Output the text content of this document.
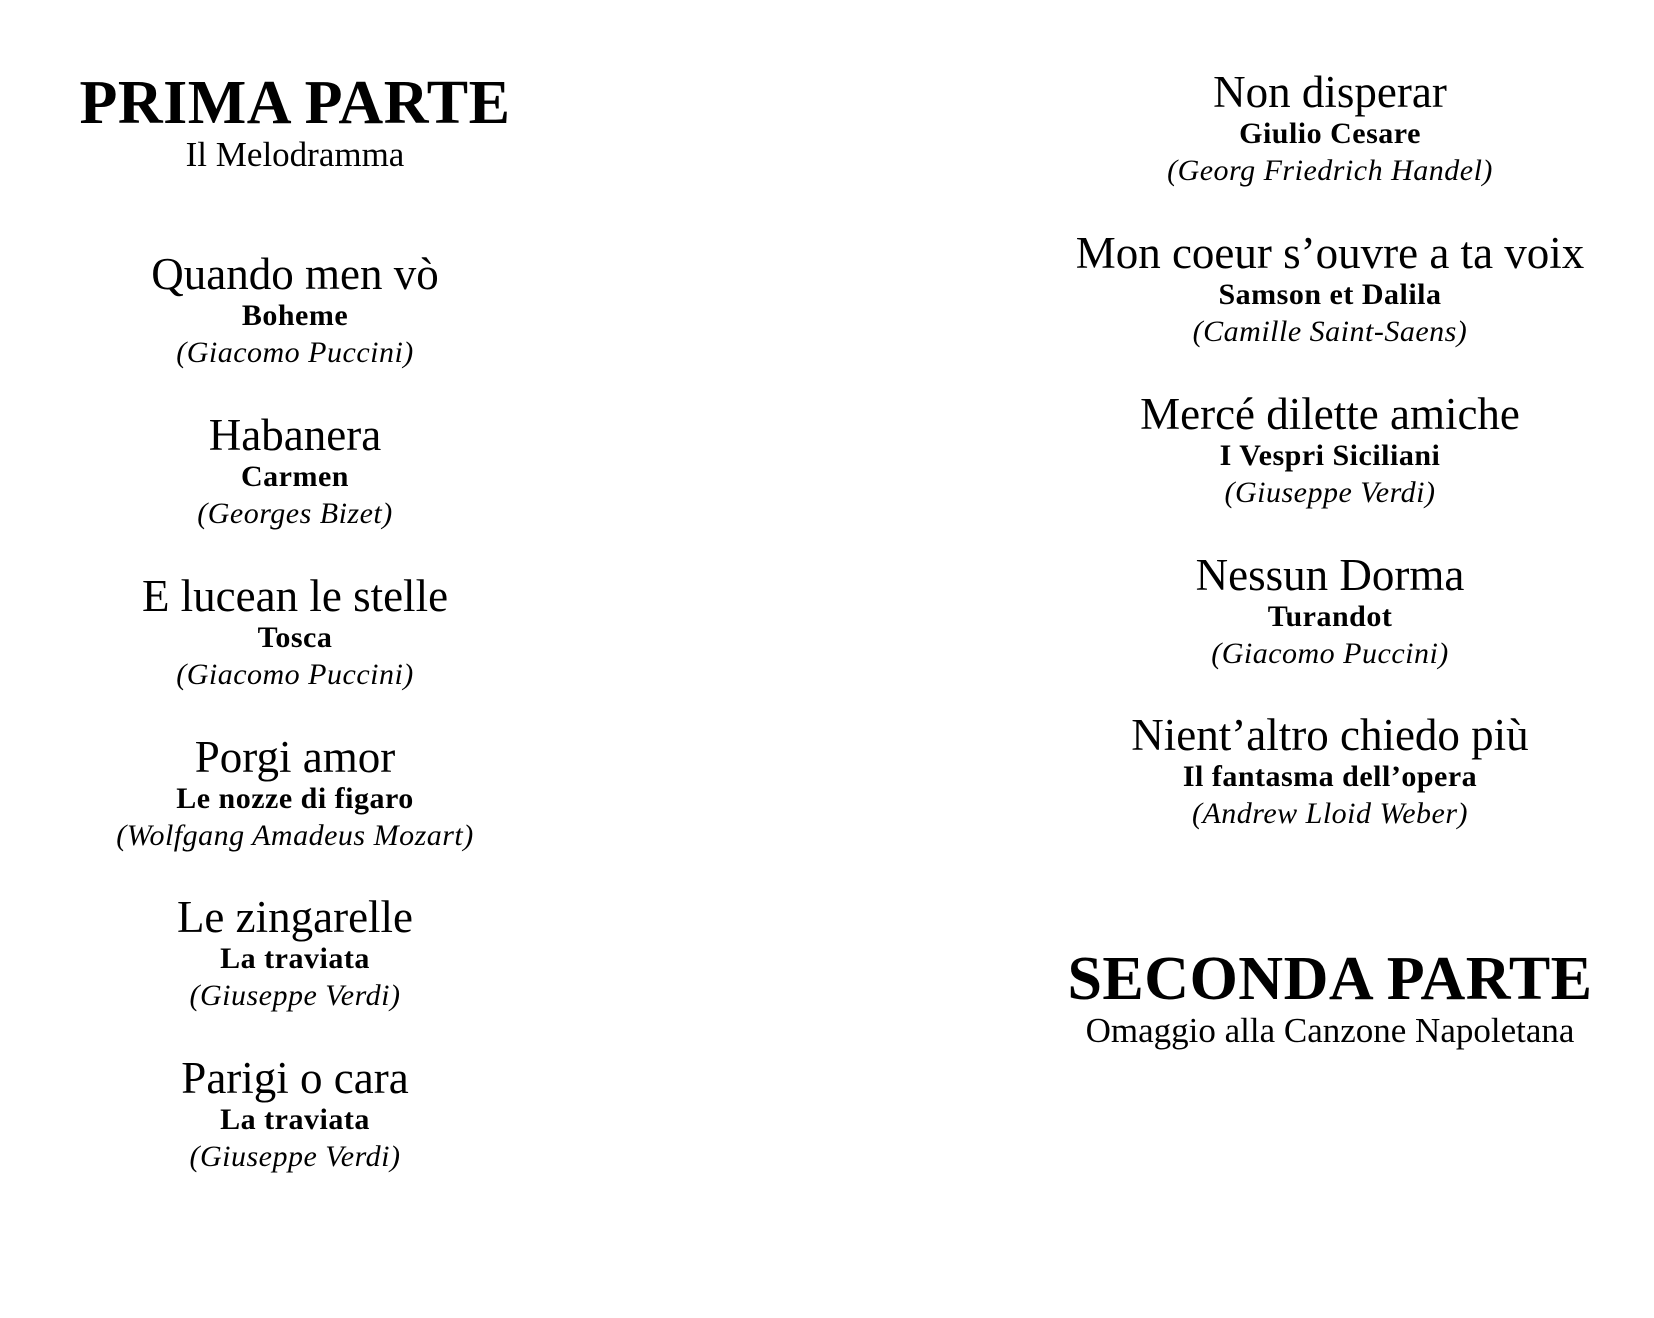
PRIMA PARTE

Il Melodramma

Quando men vò

Boheme

(Giacomo Puccini)

Habanera

Carmen

(Georges Bizet)

E lucean le stelle

Tosca

(Giacomo Puccini)

Porgi amor

Le nozze di figaro

(Wolfgang Amadeus Mozart)

Le zingarelle

La traviata

(Giuseppe Verdi)

Parigi o cara

La traviata

(Giuseppe Verdi)

Non disperar

Giulio Cesare

(Georg Friedrich Handel)

Mon coeur s’ouvre a ta voix

Samson et Dalila

(Camille Saint-Saens)

Mercé dilette amiche

I Vespri Siciliani

(Giuseppe Verdi)

Nessun Dorma

Turandot

(Giacomo Puccini)

Nient’altro chiedo più

Il fantasma dell’opera

(Andrew Lloid Weber)

SECONDA PARTE

Omaggio alla Canzone Napoletana
